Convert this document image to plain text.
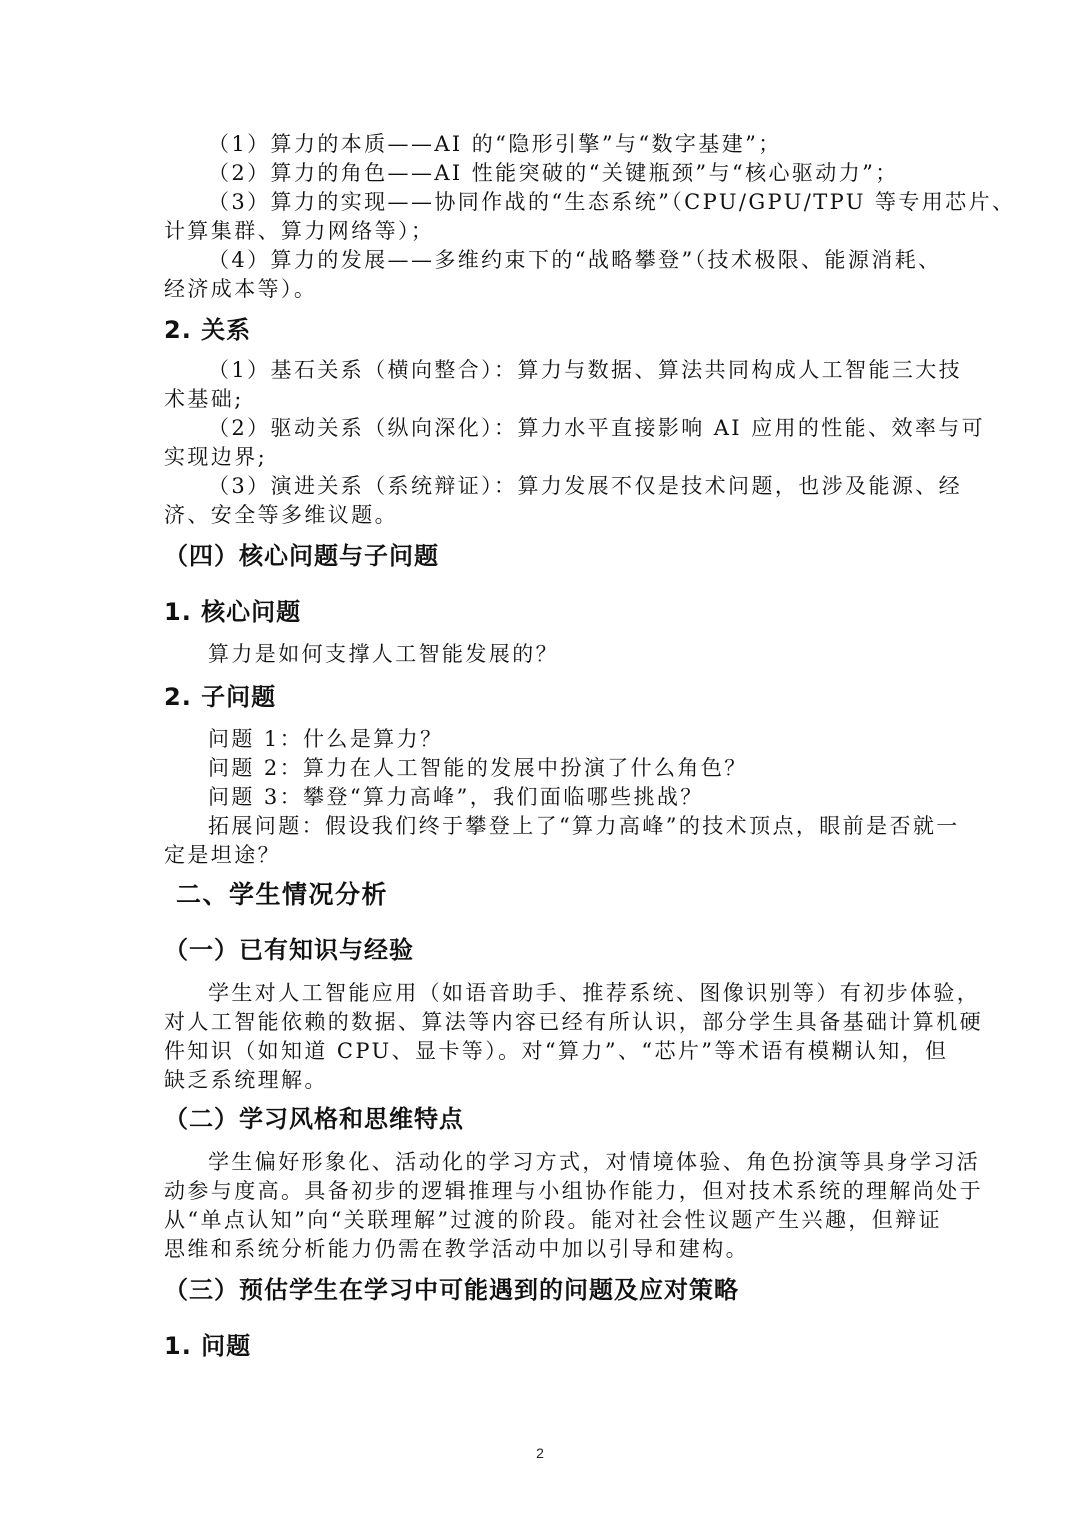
（1）算力的本质——AI 的“隐形引擎”与“数字基建”；
（2）算力的角色——AI 性能突破的“关键瓶颈”与“核心驱动力”；
（3）算力的实现——协同作战的“生态系统”（CPU/GPU/TPU 等专用芯片、
计算集群、算力网络等）；
（4）算力的发展——多维约束下的“战略攀登”（技术极限、能源消耗、
经济成本等）。
2. 关系
（1）基石关系（横向整合）：算力与数据、算法共同构成人工智能三大技
术基础;
（2）驱动关系（纵向深化）：算力水平直接影响 AI 应用的性能、效率与可
实现边界;
（3）演进关系（系统辩证）：算力发展不仅是技术问题，也涉及能源、经
济、安全等多维议题。
（四）核心问题与子问题
1. 核心问题
算力是如何支撑人工智能发展的？
2. 子问题
问题 1：什么是算力？
问题 2：算力在人工智能的发展中扮演了什么角色？
问题 3：攀登“算力高峰”，我们面临哪些挑战？
拓展问题：假设我们终于攀登上了“算力高峰”的技术顶点，眼前是否就一
定是坦途？
二、学生情况分析
（一）已有知识与经验
学生对人工智能应用（如语音助手、推荐系统、图像识别等）有初步体验，
对人工智能依赖的数据、算法等内容已经有所认识，部分学生具备基础计算机硬
件知识（如知道 CPU、显卡等）。对“算力”、“芯片”等术语有模糊认知，但
缺乏系统理解。
（二）学习风格和思维特点
学生偏好形象化、活动化的学习方式，对情境体验、角色扮演等具身学习活
动参与度高。具备初步的逻辑推理与小组协作能力，但对技术系统的理解尚处于
从“单点认知”向“关联理解”过渡的阶段。能对社会性议题产生兴趣，但辩证
思维和系统分析能力仍需在教学活动中加以引导和建构。
（三）预估学生在学习中可能遇到的问题及应对策略
1. 问题
2
